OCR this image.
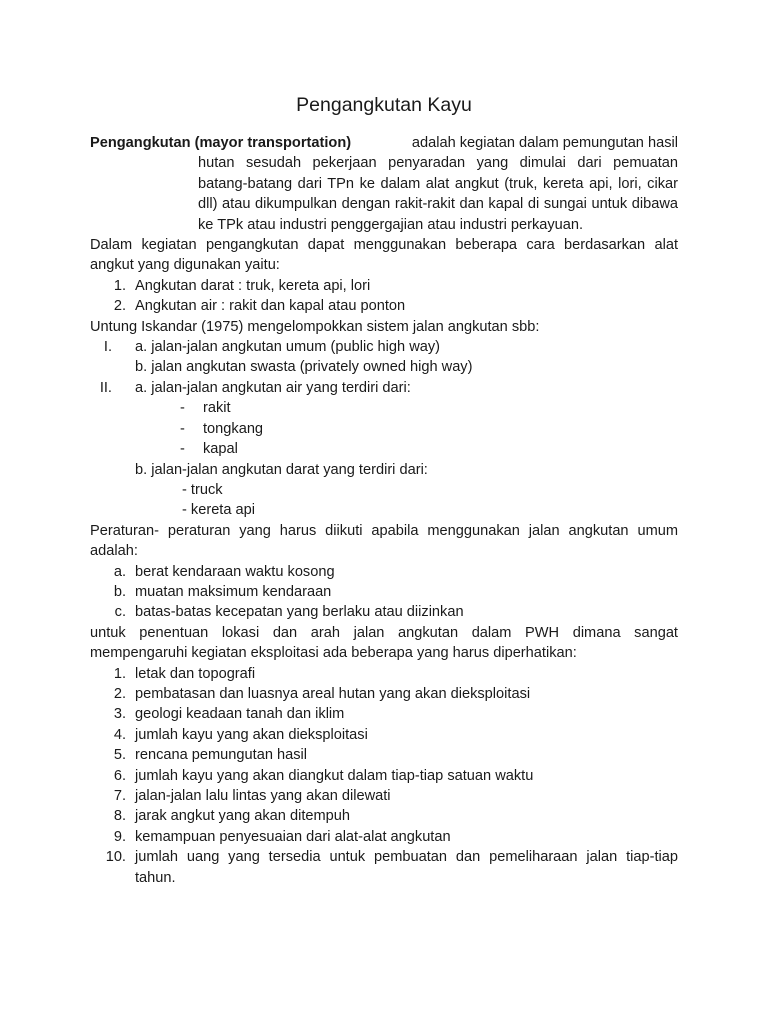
Pengangkutan Kayu
Pengangkutan (mayor transportation)	adalah kegiatan dalam pemungutan hasil
hutan sesudah pekerjaan penyaradan yang dimulai dari pemuatan batang-batang dari TPn ke dalam alat angkut (truk, kereta api, lori, cikar dll) atau dikumpulkan dengan rakit-rakit dan kapal di sungai untuk dibawa ke TPk atau industri penggergajian atau industri perkayuan.
Dalam kegiatan pengangkutan dapat menggunakan beberapa cara berdasarkan alat angkut yang digunakan yaitu:
1. Angkutan darat : truk, kereta api, lori
2. Angkutan air : rakit dan kapal atau ponton
Untung Iskandar (1975) mengelompokkan sistem jalan angkutan sbb:
I.	a. jalan-jalan angkutan umum (public high way)
b. jalan angkutan swasta (privately owned high way)
II.	a. jalan-jalan angkutan air yang terdiri dari:
-	rakit
-	tongkang
-	kapal
b. jalan-jalan angkutan darat yang terdiri dari:
- truck
- kereta api
Peraturan- peraturan yang harus diikuti apabila menggunakan jalan angkutan umum adalah:
a. berat kendaraan waktu kosong
b. muatan maksimum kendaraan
c. batas-batas kecepatan yang berlaku atau diizinkan
untuk penentuan lokasi dan arah jalan angkutan dalam PWH dimana sangat mempengaruhi kegiatan eksploitasi ada beberapa yang harus diperhatikan:
1. letak dan topografi
2. pembatasan dan luasnya areal hutan yang akan dieksploitasi
3. geologi keadaan tanah dan iklim
4. jumlah kayu yang akan dieksploitasi
5. rencana pemungutan hasil
6. jumlah kayu yang akan diangkut dalam tiap-tiap satuan waktu
7. jalan-jalan lalu lintas yang akan dilewati
8. jarak angkut yang akan ditempuh
9. kemampuan penyesuaian dari alat-alat angkutan
10. jumlah uang yang tersedia untuk pembuatan dan pemeliharaan jalan tiap-tiap tahun.
